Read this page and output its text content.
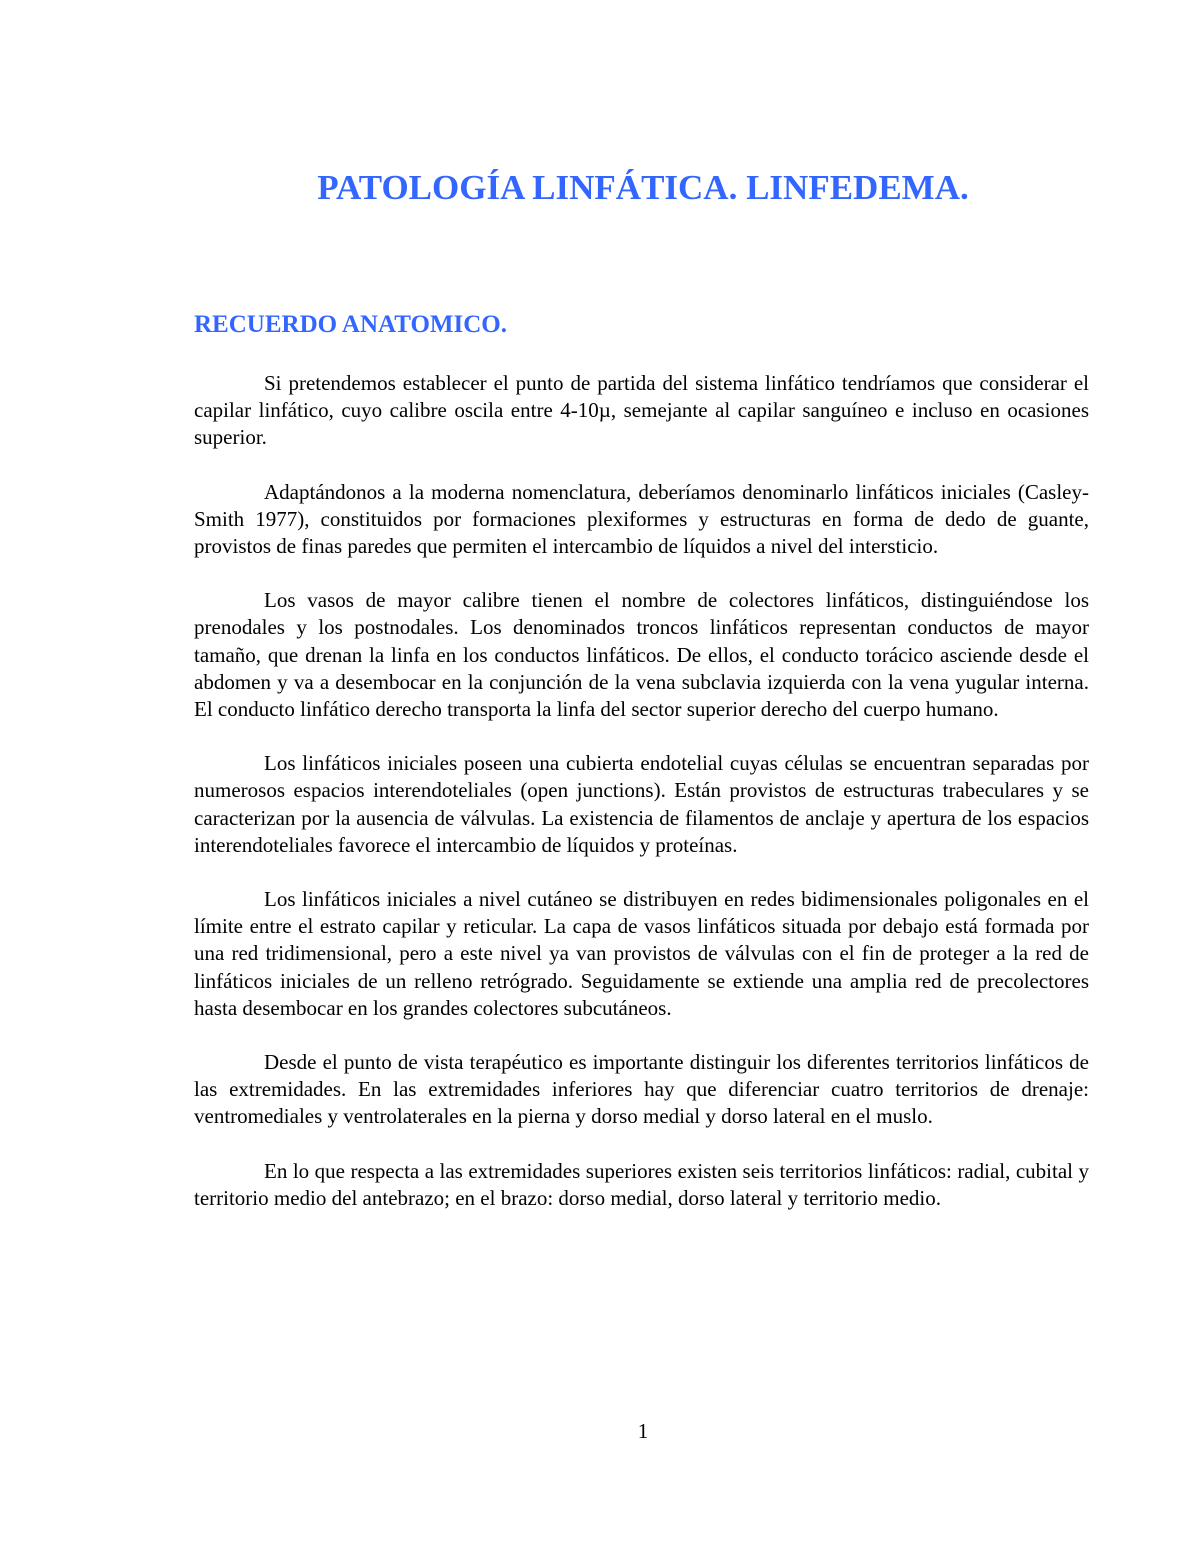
PATOLOGÍA LINFÁTICA. LINFEDEMA.
RECUERDO ANATOMICO.

Si pretendemos establecer el punto de partida del sistema linfático tendríamos que considerar el capilar linfático, cuyo calibre oscila entre 4-10µ, semejante al capilar sanguíneo e incluso en ocasiones superior.

Adaptándonos a la moderna nomenclatura, deberíamos denominarlo linfáticos iniciales (Casley-Smith 1977), constituidos por formaciones plexiformes y estructuras en forma de dedo de guante, provistos de finas paredes que permiten el intercambio de líquidos a nivel del intersticio.

Los vasos de mayor calibre tienen el nombre de colectores linfáticos, distinguiéndose los prenodales y los postnodales. Los denominados troncos linfáticos representan conductos de mayor tamaño, que drenan la linfa en los conductos linfáticos. De ellos, el conducto torácico asciende desde el abdomen y va a desembocar en la conjunción de la vena subclavia izquierda con la vena yugular interna. El conducto linfático derecho transporta la linfa del sector superior derecho del cuerpo humano.

Los linfáticos iniciales poseen una cubierta endotelial cuyas células se encuentran separadas por numerosos espacios interendoteliales (open junctions). Están provistos de estructuras trabeculares y se caracterizan por la ausencia de válvulas. La existencia de filamentos de anclaje y apertura de los espacios interendoteliales favorece el intercambio de líquidos y proteínas.

Los linfáticos iniciales a nivel cutáneo se distribuyen en redes bidimensionales poligonales en el límite entre el estrato capilar y reticular. La capa de vasos linfáticos situada por debajo está formada por una red tridimensional, pero a este nivel ya van provistos de válvulas con el fin de proteger a la red de linfáticos iniciales de un relleno retrógrado. Seguidamente se extiende una amplia red de precolectores hasta desembocar en los grandes colectores subcutáneos.

Desde el punto de vista terapéutico es importante distinguir los diferentes territorios linfáticos de las extremidades. En las extremidades inferiores hay que diferenciar cuatro territorios de drenaje: ventromediales y ventrolaterales en la pierna y dorso medial y dorso lateral en el muslo.

En lo que respecta a las extremidades superiores existen seis territorios linfáticos: radial, cubital y territorio medio del antebrazo; en el brazo: dorso medial, dorso lateral y territorio medio.

1
